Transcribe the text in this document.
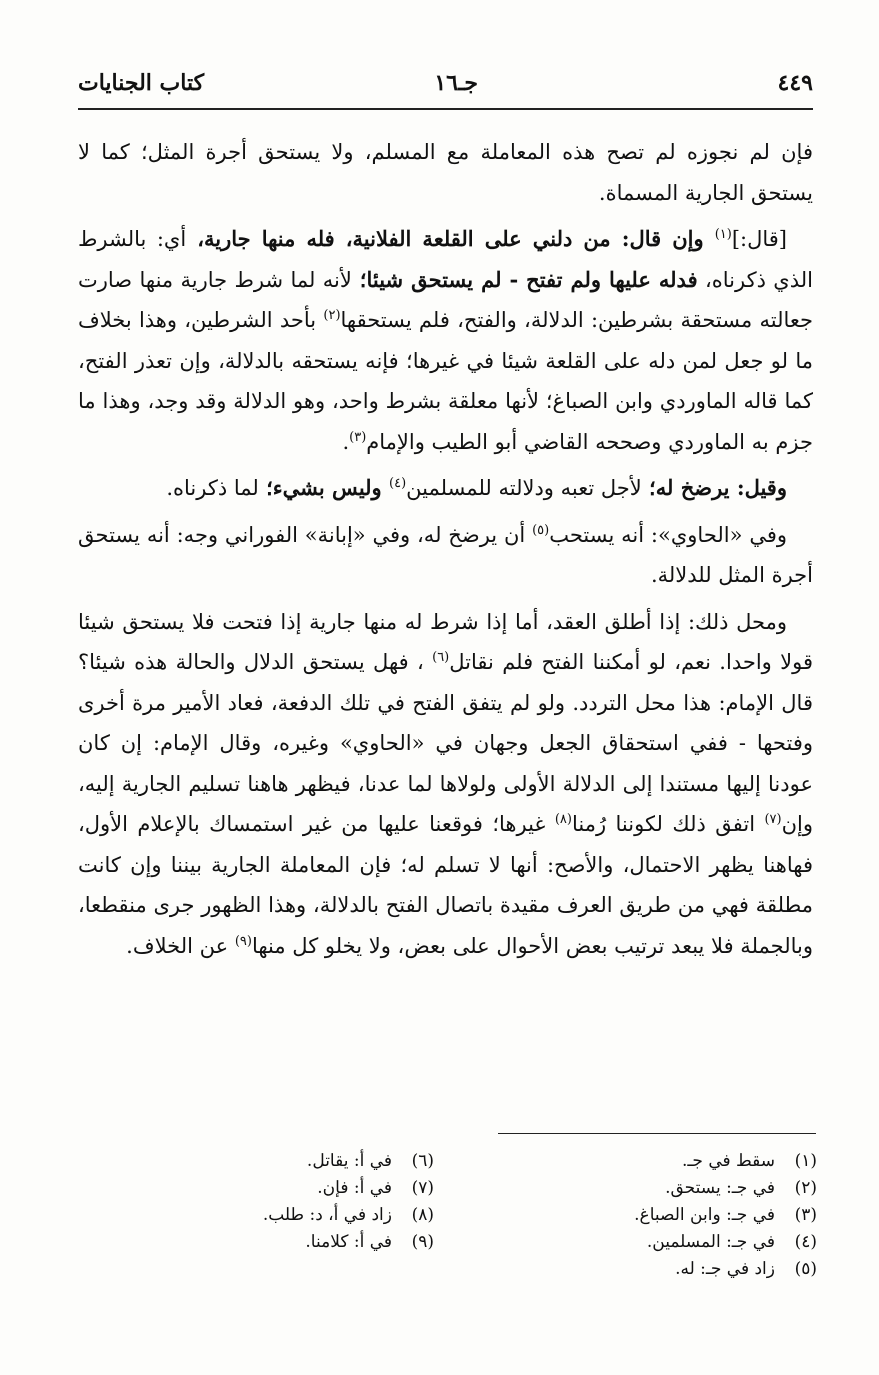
٤٤٩
جـ١٦
كتاب الجنايات

فإن لم نجوزه لم تصح هذه المعاملة مع المسلم، ولا يستحق أجرة المثل؛ كما لا يستحق الجارية المسماة.

[قال:]$^{(١)}$ وإن قال: من دلني على القلعة الفلانية، فله منها جارية، أي: بالشرط الذي ذكرناه، فدله عليها ولم تفتح - لم يستحق شيئا؛ لأنه لما شرط جارية منها صارت جعالته مستحقة بشرطين: الدلالة، والفتح، فلم يستحقها$^{(٢)}$ بأحد الشرطين، وهذا بخلاف ما لو جعل لمن دله على القلعة شيئا في غيرها؛ فإنه يستحقه بالدلالة، وإن تعذر الفتح، كما قاله الماوردي وابن الصباغ؛ لأنها معلقة بشرط واحد، وهو الدلالة وقد وجد، وهذا ما جزم به الماوردي وصححه القاضي أبو الطيب والإمام$^{(٣)}$.

وقيل: يرضخ له؛ لأجل تعبه ودلالته للمسلمين$^{(٤)}$ وليس بشيء؛ لما ذكرناه.

وفي «الحاوي»: أنه يستحب$^{(٥)}$ أن يرضخ له، وفي «إبانة» الفوراني وجه: أنه يستحق أجرة المثل للدلالة.

ومحل ذلك: إذا أطلق العقد، أما إذا شرط له منها جارية إذا فتحت فلا يستحق شيئا قولا واحدا. نعم، لو أمكننا الفتح فلم نقاتل$^{(٦)}$ ، فهل يستحق الدلال والحالة هذه شيئا؟ قال الإمام: هذا محل التردد. ولو لم يتفق الفتح في تلك الدفعة، فعاد الأمير مرة أخرى وفتحها - ففي استحقاق الجعل وجهان في «الحاوي» وغيره، وقال الإمام: إن كان عودنا إليها مستندا إلى الدلالة الأولى ولولاها لما عدنا، فيظهر هاهنا تسليم الجارية إليه، وإن$^{(٧)}$ اتفق ذلك لكوننا رُمنا$^{(٨)}$ غيرها؛ فوقعنا عليها من غير استمساك بالإعلام الأول، فهاهنا يظهر الاحتمال، والأصح: أنها لا تسلم له؛ فإن المعاملة الجارية بيننا وإن كانت مطلقة فهي من طريق العرف مقيدة باتصال الفتح بالدلالة، وهذا الظهور جرى منقطعا، وبالجملة فلا يبعد ترتيب بعض الأحوال على بعض، ولا يخلو كل منها$^{(٩)}$ عن الخلاف.

(١)سقط في جـ.
(٢)في جـ: يستحق.
(٣)في جـ: وابن الصباغ.
(٤)في جـ: المسلمين.
(٥)زاد في جـ: له.
(٦)في أ: يقاتل.
(٧)في أ: فإن.
(٨)زاد في أ، د: طلب.
(٩)في أ: كلامنا.
